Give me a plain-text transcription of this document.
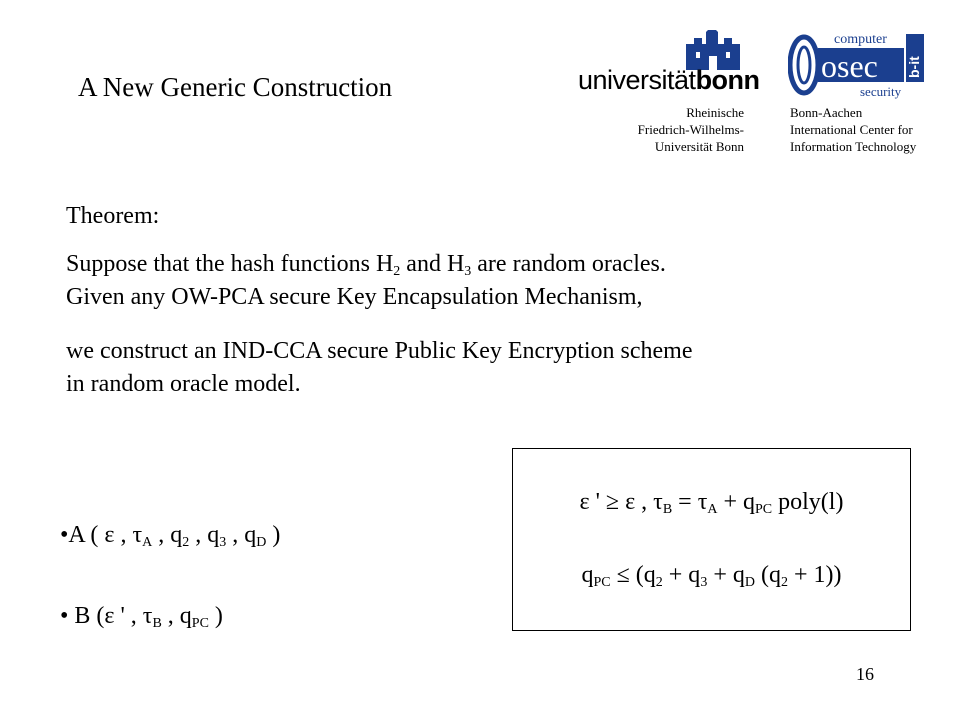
A New Generic Construction	universitätbonn
Rheinische
Friedrich-Wilhelms-
Universität Bonn
computer
osec b-it
security
Bonn-Aachen
International Center for
Information Technology
Theorem:
Suppose that the hash functions $H_2$ and $H_3$ are random oracles.
Given any OW-PCA secure Key Encapsulation Mechanism,
we construct an IND-CCA secure Public Key Encryption scheme
in random oracle model.
•A ( ε , $\tau_A$ , $q_2$ , $q_3$ , $q_D$ )
• B (ε ' , $\tau_B$ , $q_{PC}$ )
ε ' ≥ ε , $\tau_B = \tau_A + q_{PC}$ poly(l)
$q_{PC} \le (q_2 + q_3 + q_D$ $(q_2 + 1)$)
16
